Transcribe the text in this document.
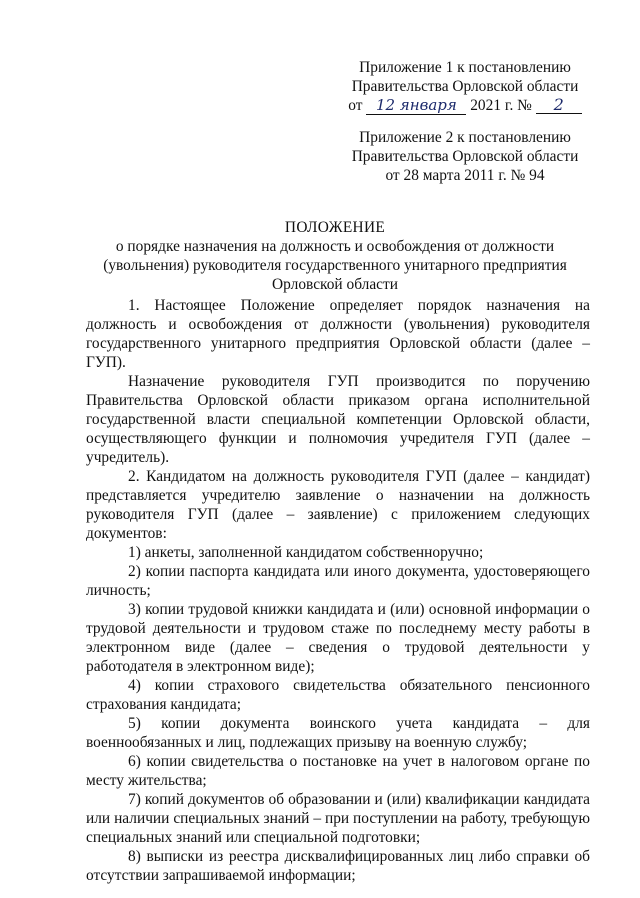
Приложение 1 к постановлению
Правительства Орловской области
от 12 января 2021 г. № 2
Приложение 2 к постановлению
Правительства Орловской области
от 28 марта 2011 г. № 94
ПОЛОЖЕНИЕ
о порядке назначения на должность и освобождения от должности
(увольнения) руководителя государственного унитарного предприятия
Орловской области

1. Настоящее Положение определяет порядок назначения на должность и освобождения от должности (увольнения) руководителя государственного унитарного предприятия Орловской области (далее – ГУП).

Назначение руководителя ГУП производится по поручению Правительства Орловской области приказом органа исполнительной государственной власти специальной компетенции Орловской области, осуществляющего функции и полномочия учредителя ГУП (далее – учредитель).

2. Кандидатом на должность руководителя ГУП (далее – кандидат) представляется учредителю заявление о назначении на должность руководителя ГУП (далее – заявление) с приложением следующих документов:

1) анкеты, заполненной кандидатом собственноручно;

2) копии паспорта кандидата или иного документа, удостоверяющего личность;

3) копии трудовой книжки кандидата и (или) основной информации о трудовой деятельности и трудовом стаже по последнему месту работы в электронном виде (далее – сведения о трудовой деятельности у работодателя в электронном виде);

4) копии страхового свидетельства обязательного пенсионного страхования кандидата;

5) копии документа воинского учета кандидата – для военнообязанных и лиц, подлежащих призыву на военную службу;

6) копии свидетельства о постановке на учет в налоговом органе по месту жительства;

7) копий документов об образовании и (или) квалификации кандидата или наличии специальных знаний – при поступлении на работу, требующую специальных знаний или специальной подготовки;

8) выписки из реестра дисквалифицированных лиц либо справки об отсутствии запрашиваемой информации;
